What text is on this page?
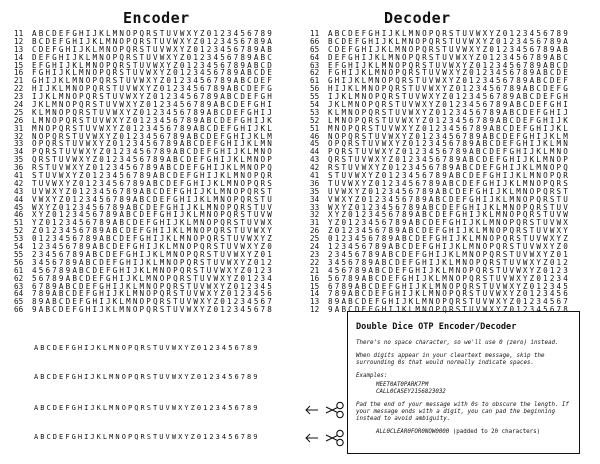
Encoder	Decoder
11 ABCDEFGHIJKLMNOPQRSTUVWXYZ0123456789
12 BCDEFGHIJKLMNOPQRSTUVWXYZ0123456789A
13 CDEFGHIJKLMNOPQRSTUVWXYZ0123456789AB
14 DEFGHIJKLMNOPQRSTUVWXYZ0123456789ABC
15 EFGHIJKLMNOPQRSTUVWXYZ0123456789ABCD
16 FGHIJKLMNOPQRSTUVWXYZ0123456789ABCDE
21 GHIJKLMNOPQRSTUVWXYZ0123456789ABCDEF
22 HIJKLMNOPQRSTUVWXYZ0123456789ABCDEFG
23 IJKLMNOPQRSTUVWXYZ0123456789ABCDEFGH
24 JKLMNOPQRSTUVWXYZ0123456789ABCDEFGHI
25 KLMNOPQRSTUVWXYZ0123456789ABCDEFGHIJ
26 LMNOPQRSTUVWXYZ0123456789ABCDEFGHIJK
31 MNOPQRSTUVWXYZ0123456789ABCDEFGHIJKL
32 NOPQRSTUVWXYZ0123456789ABCDEFGHIJKLM
33 OPQRSTUVWXYZ0123456789ABCDEFGHIJKLMN
34 PQRSTUVWXYZ0123456789ABCDEFGHIJKLMNO
35 QRSTUVWXYZ0123456789ABCDEFGHIJKLMNOP
36 RSTUVWXYZ0123456789ABCDEFGHIJKLMNOPQ
41 STUVWXYZ0123456789ABCDEFGHIJKLMNOPQR
42 TUVWXYZ0123456789ABCDEFGHIJKLMNOPQRS
43 UVWXYZ0123456789ABCDEFGHIJKLMNOPQRST
44 VWXYZ0123456789ABCDEFGHIJKLMNOPQRSTU
45 WXYZ0123456789ABCDEFGHIJKLMNOPQRSTUV
46 XYZ0123456789ABCDEFGHIJKLMNOPQRSTUVW
51 YZ0123456789ABCDEFGHIJKLMNOPQRSTUVWX
52 Z0123456789ABCDEFGHIJKLMNOPQRSTUVWXY
53 0123456789ABCDEFGHIJKLMNOPQRSTUVWXYZ
54 123456789ABCDEFGHIJKLMNOPQRSTUVWXYZ0
55 23456789ABCDEFGHIJKLMNOPQRSTUVWXYZ01
56 3456789ABCDEFGHIJKLMNOPQRSTUVWXYZ012
61 456789ABCDEFGHIJKLMNOPQRSTUVWXYZ0123
62 56789ABCDEFGHIJKLMNOPQRSTUVWXYZ01234
63 6789ABCDEFGHIJKLMNOPQRSTUVWXYZ012345
64 789ABCDEFGHIJKLMNOPQRSTUVWXYZ0123456
65 89ABCDEFGHIJKLMNOPQRSTUVWXYZ01234567
66 9ABCDEFGHIJKLMNOPQRSTUVWXYZ012345678
11 ABCDEFGHIJKLMNOPQRSTUVWXYZ0123456789
66 BCDEFGHIJKLMNOPQRSTUVWXYZ0123456789A
65 CDEFGHIJKLMNOPQRSTUVWXYZ0123456789AB
64 DEFGHIJKLMNOPQRSTUVWXYZ0123456789ABC
63 EFGHIJKLMNOPQRSTUVWXYZ0123456789ABCD
62 FGHIJKLMNOPQRSTUVWXYZ0123456789ABCDE
61 GHIJKLMNOPQRSTUVWXYZ0123456789ABCDEF
56 HIJKLMNOPQRSTUVWXYZ0123456789ABCDEFG
55 IJKLMNOPQRSTUVWXYZ0123456789ABCDEFGH
54 JKLMNOPQRSTUVWXYZ0123456789ABCDEFGHI
53 KLMNOPQRSTUVWXYZ0123456789ABCDEFGHIJ
52 LMNOPQRSTUVWXYZ0123456789ABCDEFGHIJK
51 MNOPQRSTUVWXYZ0123456789ABCDEFGHIJKL
46 NOPQRSTUVWXYZ0123456789ABCDEFGHIJKLM
45 OPQRSTUVWXYZ0123456789ABCDEFGHIJKLMN
44 PQRSTUVWXYZ0123456789ABCDEFGHIJKLMNO
43 QRSTUVWXYZ0123456789ABCDEFGHIJKLMNOP
42 RSTUVWXYZ0123456789ABCDEFGHIJKLMNOPQ
41 STUVWXYZ0123456789ABCDEFGHIJKLMNOPQR
36 TUVWXYZ0123456789ABCDEFGHIJKLMNOPQRS
35 UVWXYZ0123456789ABCDEFGHIJKLMNOPQRST
34 VWXYZ0123456789ABCDEFGHIJKLMNOPQRSTU
33 WXYZ0123456789ABCDEFGHIJKLMNOPQRSTUV
32 XYZ0123456789ABCDEFGHIJKLMNOPQRSTUVW
31 YZ0123456789ABCDEFGHIJKLMNOPQRSTUVWX
26 Z0123456789ABCDEFGHIJKLMNOPQRSTUVWXY
25 0123456789ABCDEFGHIJKLMNOPQRSTUVWXYZ
24 123456789ABCDEFGHIJKLMNOPQRSTUVWXYZ0
23 23456789ABCDEFGHIJKLMNOPQRSTUVWXYZ01
22 3456789ABCDEFGHIJKLMNOPQRSTUVWXYZ012
21 456789ABCDEFGHIJKLMNOPQRSTUVWXYZ0123
16 56789ABCDEFGHIJKLMNOPQRSTUVWXYZ01234
15 6789ABCDEFGHIJKLMNOPQRSTUVWXYZ012345
14 789ABCDEFGHIJKLMNOPQRSTUVWXYZ0123456
13 89ABCDEFGHIJKLMNOPQRSTUVWXYZ01234567
12 9ABCDEFGHIJKLMNOPQRSTUVWXYZ012345678
ABCDEFGHIJKLMNOPQRSTUVWXYZ0123456789
ABCDEFGHIJKLMNOPQRSTUVWXYZ0123456789
ABCDEFGHIJKLMNOPQRSTUVWXYZ0123456789
ABCDEFGHIJKLMNOPQRSTUVWXYZ0123456789
Double Dice OTP Encoder/Decoder

There's no space character, so we'll use 0 (zero) instead.

When digits appear in your cleartext message, skip the surrounding 0s that would normally indicate spaces.

Examples:

MEET0AT0PARK7PM

CALL0CASEY2156823032

Pad the end of your message with 0s to obscure the length. If your message ends with a digit, you can pad the beginning instead to avoid ambiguity.

ALL0CLEAR0FOR0NOW0000 (padded to 20 characters)
